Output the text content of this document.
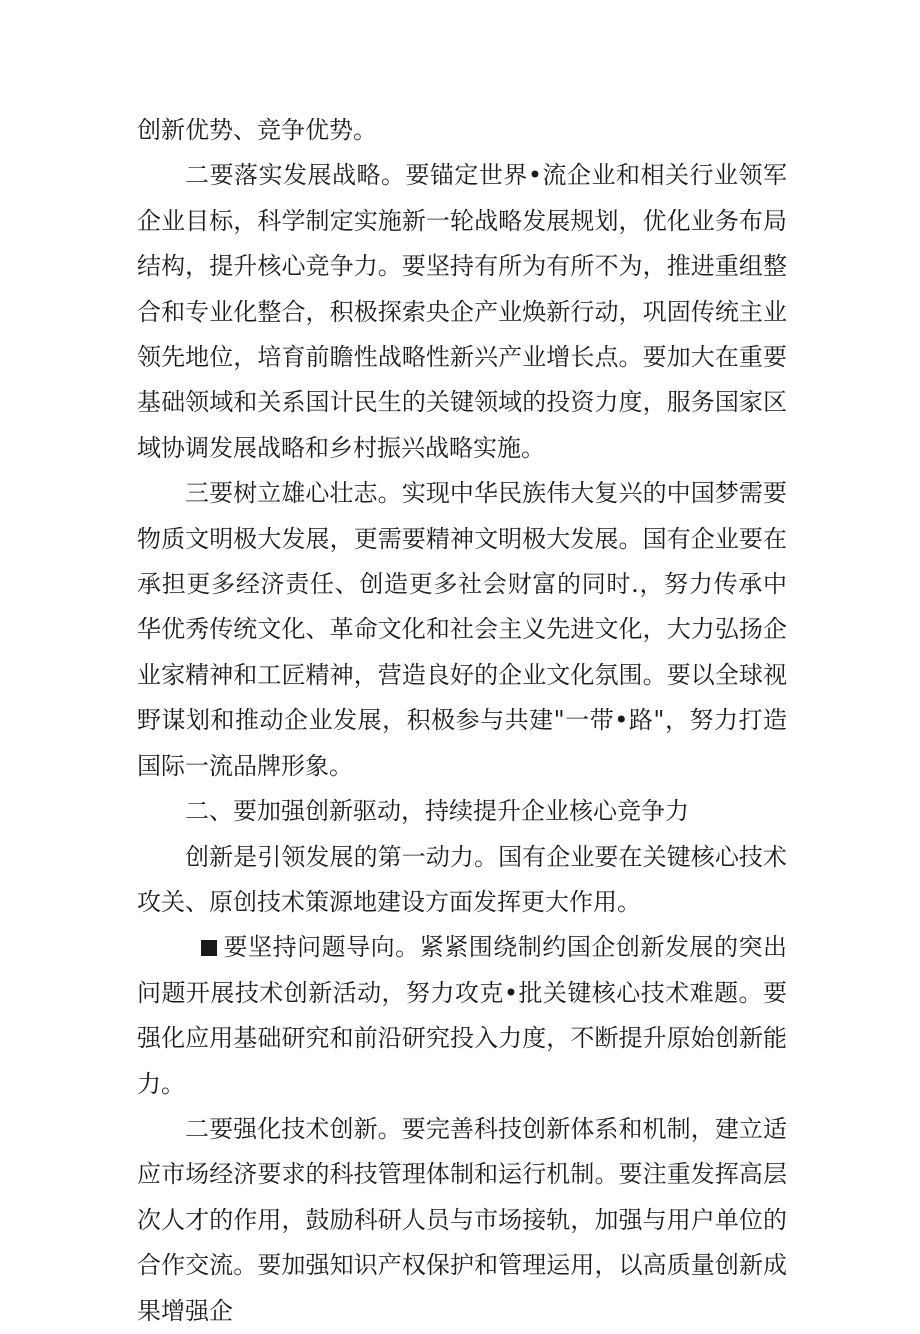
创新优势、竞争优势。

二要落实发展战略。要锚定世界•流企业和相关行业领军企业目标，科学制定实施新一轮战略发展规划，优化业务布局结构，提升核心竞争力。要坚持有所为有所不为，推进重组整合和专业化整合，积极探索央企产业焕新行动，巩固传统主业领先地位，培育前瞻性战略性新兴产业增长点。要加大在重要基础领域和关系国计民生的关键领域的投资力度，服务国家区域协调发展战略和乡村振兴战略实施。

三要树立雄心壮志。实现中华民族伟大复兴的中国梦需要物质文明极大发展，更需要精神文明极大发展。国有企业要在承担更多经济责任、创造更多社会财富的同时.，努力传承中华优秀传统文化、革命文化和社会主义先进文化，大力弘扬企业家精神和工匠精神，营造良好的企业文化氛围。要以全球视野谋划和推动企业发展，积极参与共建"一带•路"，努力打造国际一流品牌形象。

二、要加强创新驱动，持续提升企业核心竞争力

创新是引领发展的第一动力。国有企业要在关键核心技术攻关、原创技术策源地建设方面发挥更大作用。

要坚持问题导向。紧紧围绕制约国企创新发展的突出问题开展技术创新活动，努力攻克•批关键核心技术难题。要强化应用基础研究和前沿研究投入力度，不断提升原始创新能力。

二要强化技术创新。要完善科技创新体系和机制，建立适应市场经济要求的科技管理体制和运行机制。要注重发挥高层次人才的作用，鼓励科研人员与市场接轨，加强与用户单位的合作交流。要加强知识产权保护和管理运用，以高质量创新成果增强企
